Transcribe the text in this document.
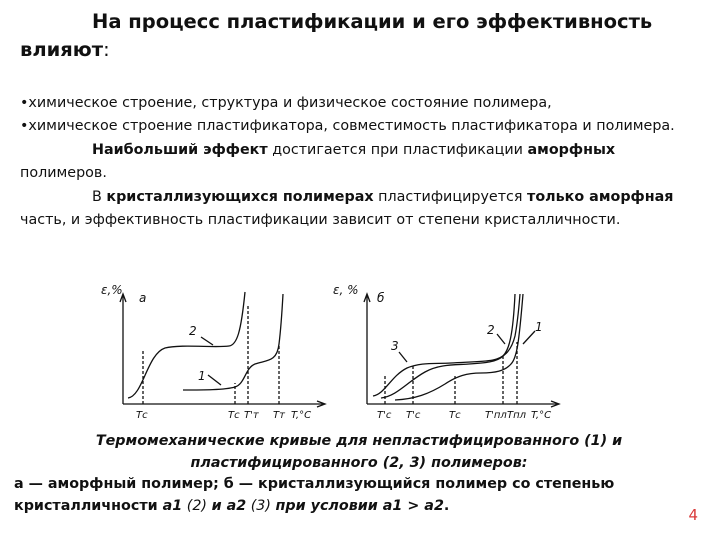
На процесс пластификации и его эффективность
влияют:

•химическое строение, структура и физическое состояние полимера,

•химическое строение пластификатора, совместимость пластификатора и полимера.

Наибольший эффект достигается при пластификации аморфных полимеров.

В кристаллизующихся полимерах пластифицируется только аморфная часть, и эффективность пластификации зависит от степени кристалличности.

ε,%
а
2
1
Tс	Tс T'т Tт T,°C
ε, %
б
3
2	1
T'с T'с	Tс T'пл Tпл T,°C
Термомеханические кривые для непластифицированного (1) и пластифицированного (2, 3) полимеров:
а — аморфный полимер; б — кристаллизующийся полимер со степенью кристалличности а1 (2) и а2 (3) при условии а1 > а2.
4
